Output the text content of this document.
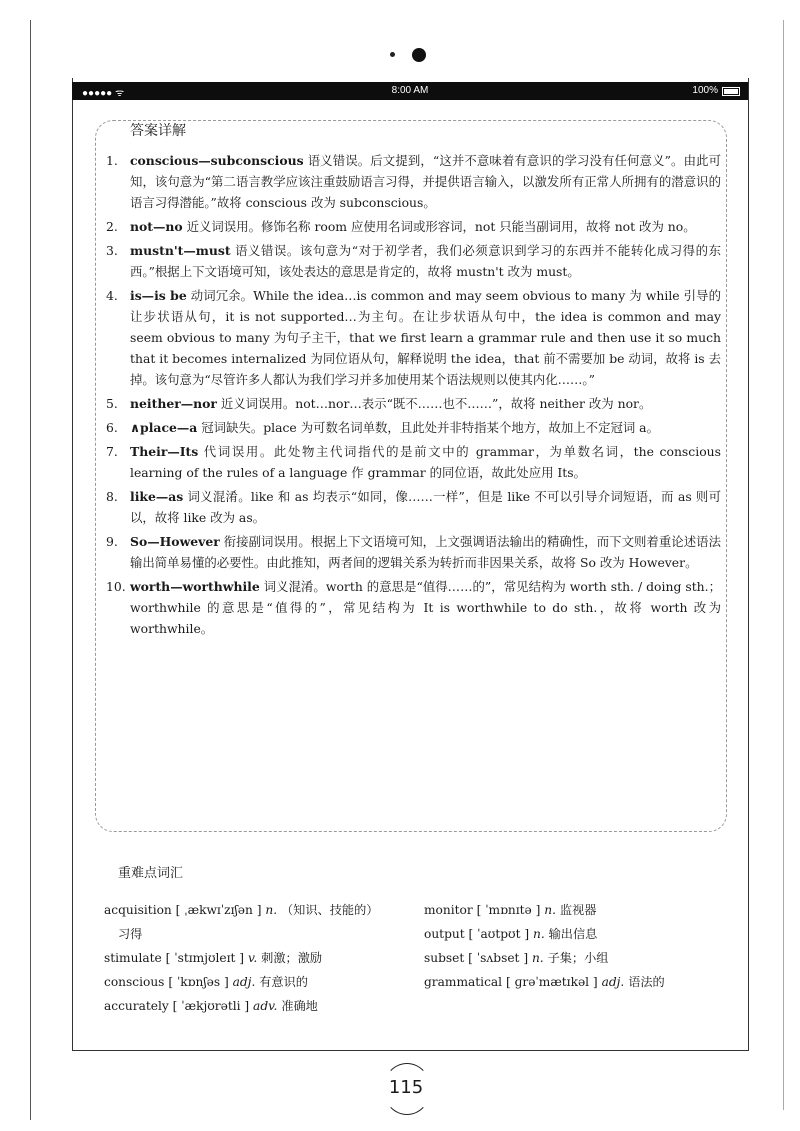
●●●●● ᯤ	8:00 AM	100%
答案详解
1. conscious—subconscious 语义错误。后文提到，“这并不意味着有意识的学习没有任何意义”。由此可知，该句意为“第二语言教学应该注重鼓励语言习得，并提供语言输入，以激发所有正常人所拥有的潜意识的语言习得潜能。”故将 conscious 改为 subconscious。
2. not—no 近义词误用。修饰名称 room 应使用名词或形容词，not 只能当副词用，故将 not 改为 no。
3. mustn't—must 语义错误。该句意为“对于初学者，我们必须意识到学习的东西并不能转化成习得的东西。”根据上下文语境可知，该处表达的意思是肯定的，故将 mustn't 改为 must。
4. is—is be 动词冗余。While the idea…is common and may seem obvious to many 为 while 引导的让步状语从句，it is not supported…为主句。在让步状语从句中，the idea is common and may seem obvious to many 为句子主干，that we first learn a grammar rule and then use it so much that it becomes internalized 为同位语从句，解释说明 the idea，that 前不需要加 be 动词，故将 is 去掉。该句意为“尽管许多人都认为我们学习并多加使用某个语法规则以使其内化……。”
5. neither—nor 近义词误用。not…nor…表示“既不……也不……”，故将 neither 改为 nor。
6. ∧place—a 冠词缺失。place 为可数名词单数，且此处并非特指某个地方，故加上不定冠词 a。
7. Their—Its 代词误用。此处物主代词指代的是前文中的 grammar，为单数名词，the conscious learning of the rules of a language 作 grammar 的同位语，故此处应用 Its。
8. like—as 词义混淆。like 和 as 均表示“如同，像……一样”，但是 like 不可以引导介词短语，而 as 则可以，故将 like 改为 as。
9. So—However 衔接副词误用。根据上下文语境可知，上文强调语法输出的精确性，而下文则着重论述语法输出简单易懂的必要性。由此推知，两者间的逻辑关系为转折而非因果关系，故将 So 改为 However。
10. worth—worthwhile 词义混淆。worth 的意思是“值得……的”，常见结构为 worth sth. / doing sth.；worthwhile 的意思是“值得的”，常见结构为 It is worthwhile to do sth.，故将 worth 改为 worthwhile。
重难点词汇
acquisition [ ˌækwɪˈzɪʃən ] n. （知识、技能的）
习得
stimulate [ ˈstɪmjʊleɪt ] v. 刺激；激励
conscious [ ˈkɒnʃəs ] adj. 有意识的
accurately [ ˈækjʊrətli ] adv. 准确地
monitor [ ˈmɒnɪtə ] n. 监视器
output [ ˈaʊtpʊt ] n. 输出信息
subset [ ˈsʌbset ] n. 子集；小组
grammatical [ ɡrəˈmætɪkəl ] adj. 语法的
115
